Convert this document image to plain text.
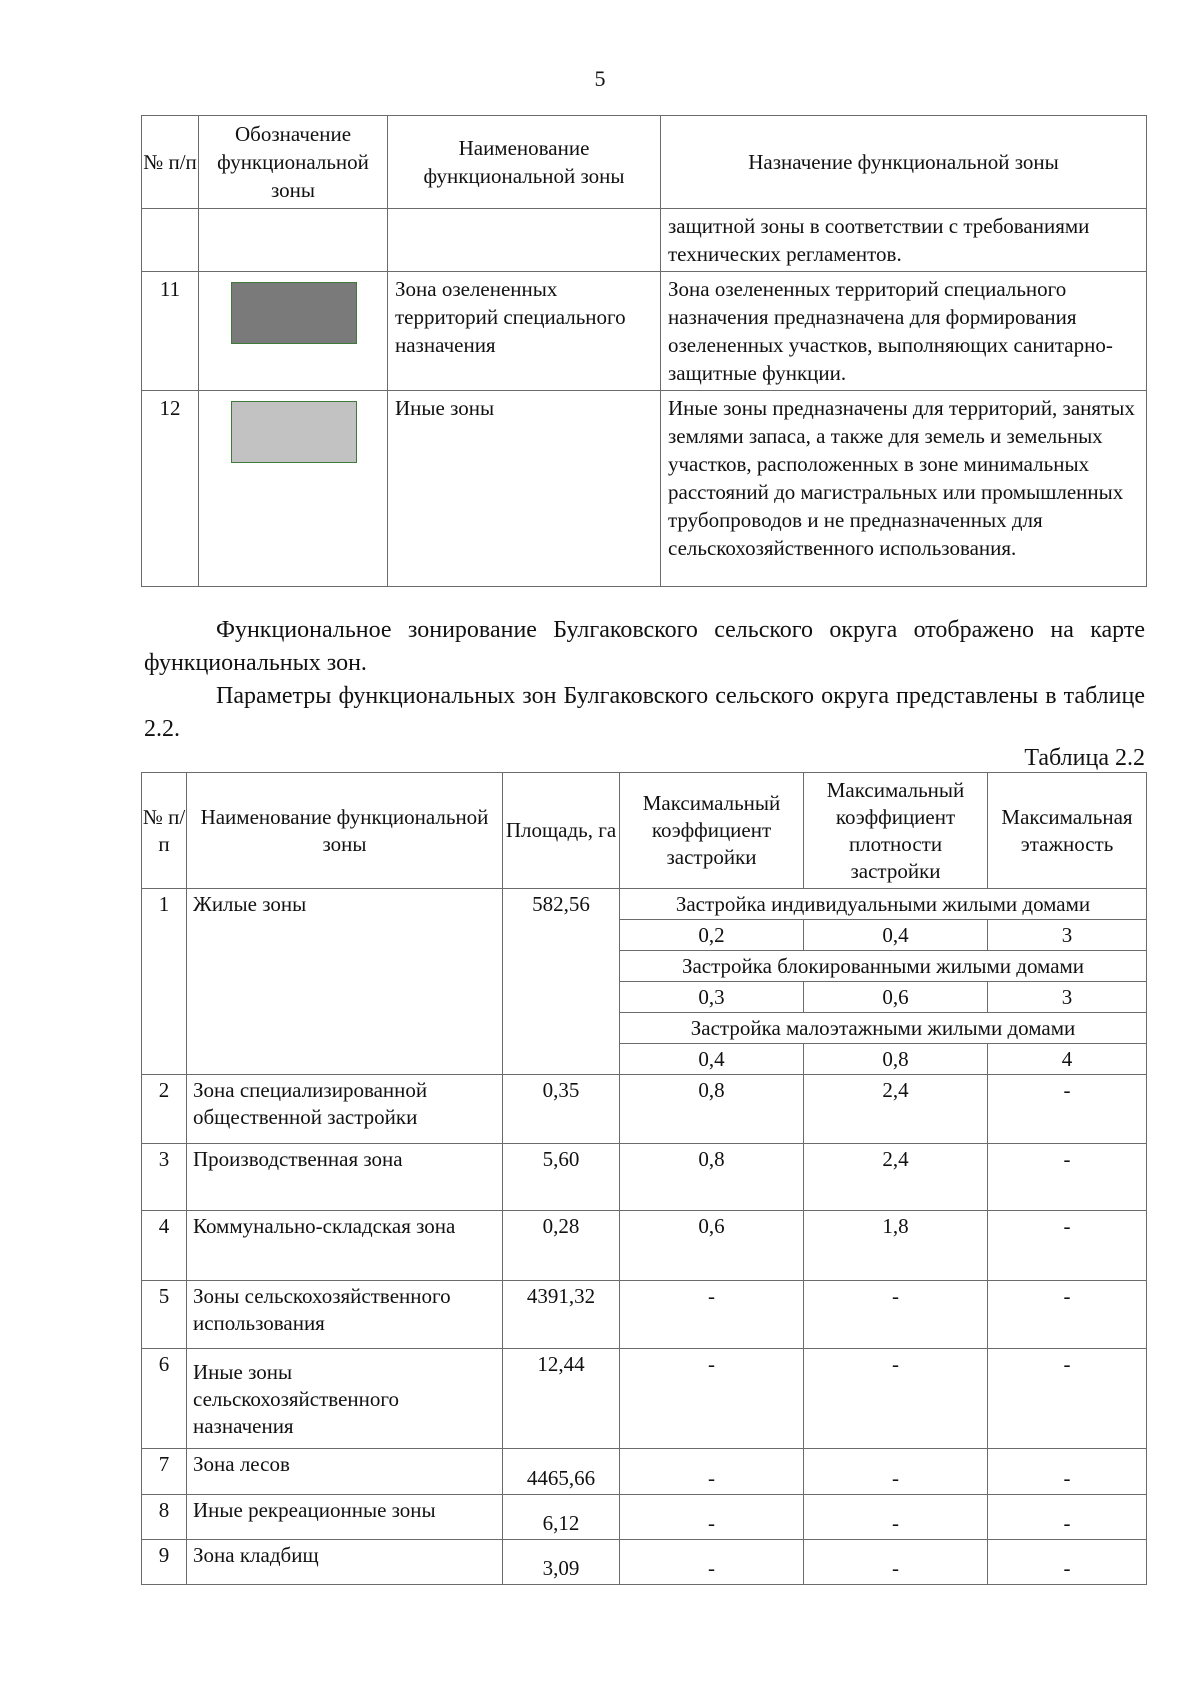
5
№ п/п	Обозначение функциональной зоны	Наименование функциональной зоны	Назначение функциональной зоны
			защитной зоны в соответствии с требованиями технических регламентов.
11		Зона озелененных территорий специального назначения	Зона озелененных территорий специального назначения предназначена для формирования озелененных участков, выполняющих санитарно-защитные функции.
12		Иные зоны	Иные зоны предназначены для территорий, занятых землями запаса, а также для земель и земельных участков, расположенных в зоне минимальных расстояний до магистральных или промышленных трубопроводов и не предназначенных для сельскохозяйственного использования.

Функциональное зонирование Булгаковского сельского округа отображено на карте функциональных зон.

Параметры функциональных зон Булгаковского сельского округа представлены в таблице 2.2.

Таблица 2.2
№ п/п	Наименование функциональной зоны	Площадь, га	Максимальный коэффициент застройки	Максимальный коэффициент плотности застройки	Максимальная этажность
1	Жилые зоны	582,56	Застройка индивидуальными жилыми домами		
			0,2	0,4	3
			Застройка блокированными жилыми домами		
			0,3	0,6	3
			Застройка малоэтажными жилыми домами		
			0,4	0,8	4
2	Зона специализированной общественной застройки	0,35	0,8	2,4	-
3	Производственная зона	5,60	0,8	2,4	-
4	Коммунально-складская зона	0,28	0,6	1,8	-
5	Зоны сельскохозяйственного использования	4391,32	-	-	-
6	Иные зоны сельскохозяйственного назначения	12,44	-	-	-
7	Зона лесов	4465,66	-	-	-
8	Иные рекреационные зоны	6,12	-	-	-
9	Зона кладбищ	3,09	-	-	-
